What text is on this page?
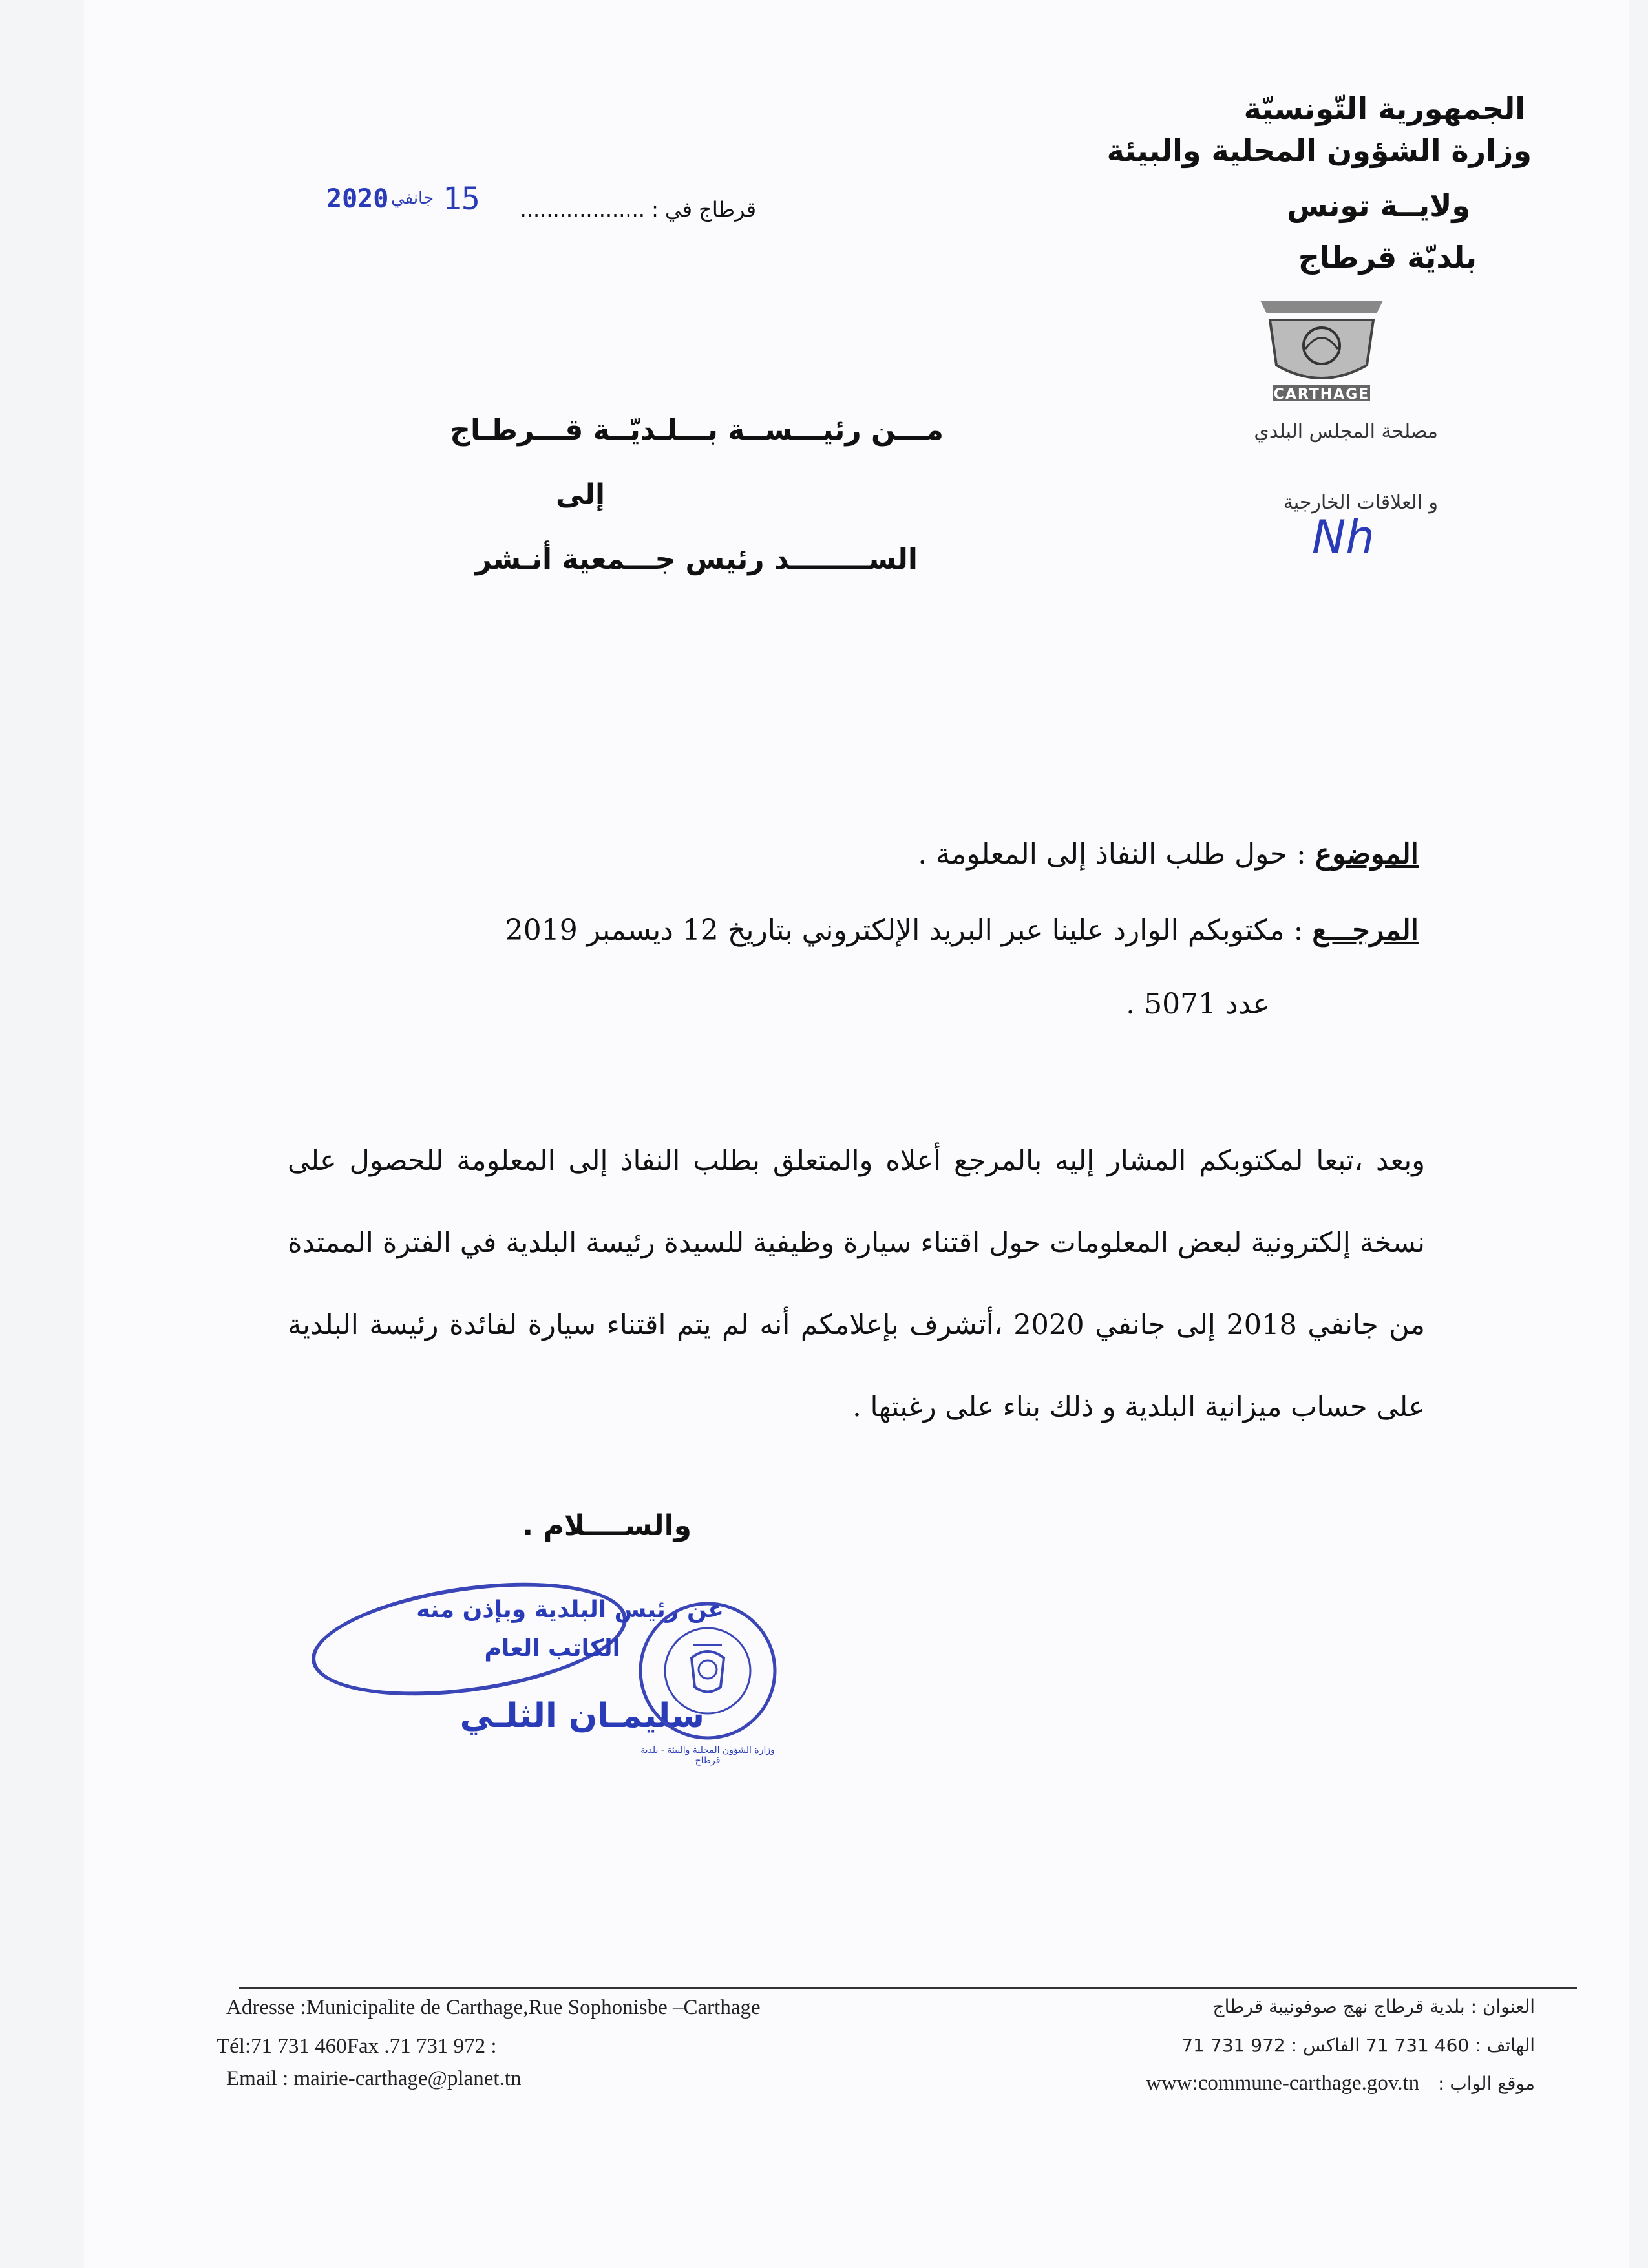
الجمهورية التّونسيّة
وزارة الشؤون المحلية والبيئة
ولايــة تونس
بلديّة قرطاج
CARTHAGE
مصلحة المجلس البلدي
و العلاقات الخارجية
Nh
قرطاج في : ...................
2020 جانفي 15
مـــن رئيـــســة بـــلـديّــة قـــرطـاج
إلى
الســــــــد رئيس جـــمعية أنـشر
الموضوع : حول طلب النفاذ إلى المعلومة .
المرجـــع : مكتوبكم الوارد علينا عبر البريد الإلكتروني بتاريخ 12 ديسمبر 2019
عدد 5071 .
وبعد ،تبعا لمكتوبكم المشار إليه بالمرجع أعلاه والمتعلق بطلب النفاذ إلى المعلومة للحصول على نسخة إلكترونية لبعض المعلومات حول اقتناء سيارة وظيفية للسيدة رئيسة البلدية في الفترة الممتدة من جانفي 2018 إلى جانفي 2020 ،أتشرف بإعلامكم أنه لم يتم اقتناء سيارة لفائدة رئيسة البلدية على حساب ميزانية البلدية و ذلك بناء على رغبتها .
والســــلام .
عن رئيس البلدية وبإذن منه
الكاتب العام
سليمـان الثلـي
وزارة الشؤون المحلية والبيئة - بلدية قرطاج
Adresse :Municipalite de Carthage,Rue Sophonisbe –Carthage
Tél:71 731 460Fax .71 731 972 :
Email : mairie-carthage@planet.tn
العنوان : بلدية قرطاج نهج صوفونيبة قرطاج
الهاتف : 460 731 71 الفاكس : 972 731 71
موقع الواب : www:commune-carthage.gov.tn
